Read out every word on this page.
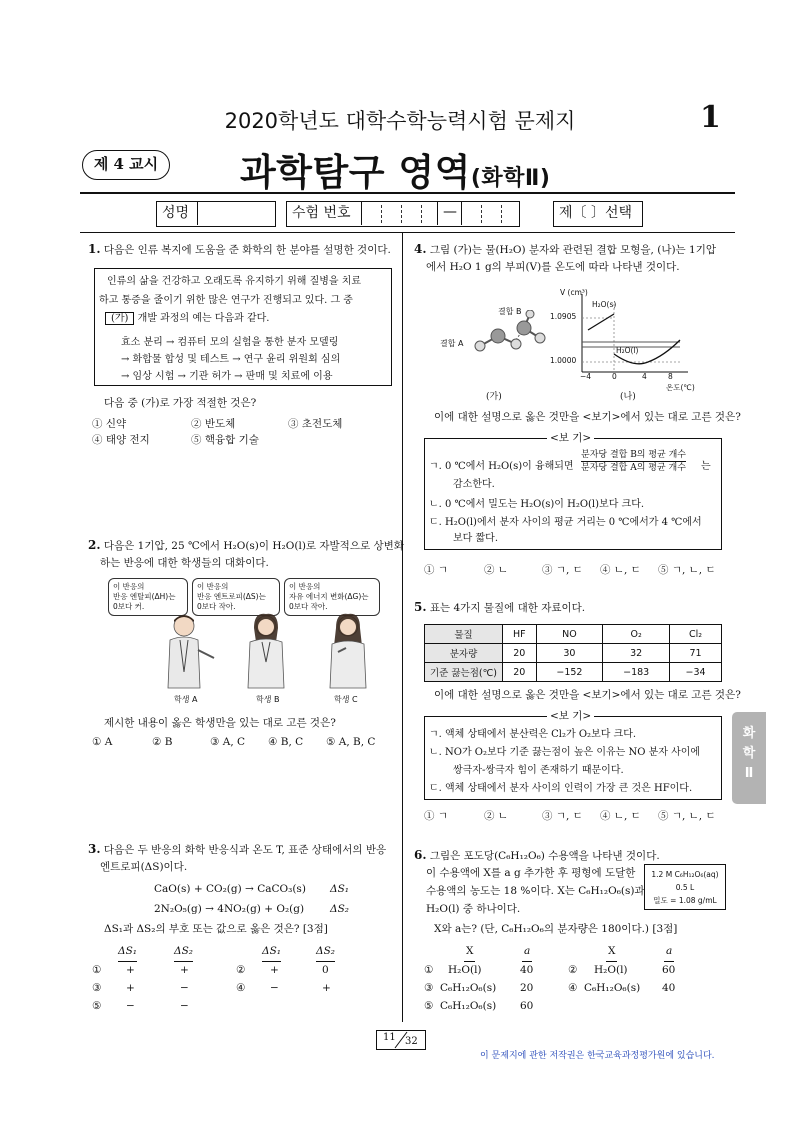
2020학년도 대학수학능력시험 문제지	1
제 4 교시	과학탐구 영역(화학Ⅱ)
성명	수험 번호	—	제〔 〕선택
1. 다음은 인류 복지에 도움을 준 화학의 한 분야를 설명한 것이다.
인류의 삶을 건강하고 오래도록 유지하기 위해 질병을 치료
하고 통증을 줄이기 위한 많은 연구가 진행되고 있다. 그 중
(가) 개발 과정의 예는 다음과 같다.
효소 분리 → 컴퓨터 모의 실험을 통한 분자 모델링
→ 화합물 합성 및 테스트 → 연구 윤리 위원회 심의
→ 임상 시험 → 기관 허가 → 판매 및 치료에 이용
다음 중 (가)로 가장 적절한 것은?
① 신약	② 반도체	③ 초전도체
④ 태양 전지	⑤ 핵융합 기술
2. 다음은 1기압, 25 ℃에서 H₂O(s)이 H₂O(l)로 자발적으로 상변화
하는 반응에 대한 학생들의 대화이다.
이 반응의
반응 엔탈피(ΔH)는
0보다 커.
이 반응의
반응 엔트로피(ΔS)는
0보다 작아.
이 반응의
자유 에너지 변화(ΔG)는
0보다 작아.
학생 A	학생 B	학생 C
제시한 내용이 옳은 학생만을 있는 대로 고른 것은?
① A	② B	③ A, C ④ B, C ⑤ A, B, C
3. 다음은 두 반응의 화학 반응식과 온도 T, 표준 상태에서의 반응
엔트로피(ΔS)이다.
CaO(s) + CO₂(g) → CaCO₃(s) ΔS₁
2N₂O₅(g) → 4NO₂(g) + O₂(g) ΔS₂
ΔS₁과 ΔS₂의 부호 또는 값으로 옳은 것은? [3점]
ΔS₁	ΔS₂	ΔS₁	ΔS₂
① +	+	② +	0
③ +	−	④ −	+
⑤ −	−
4. 그림 (가)는 물(H₂O) 분자와 관련된 결합 모형을, (나)는 1기압
에서 H₂O 1 g의 부피(V)를 온도에 따라 나타낸 것이다.
결합 B
결합 A
(가)
V (cm³)
1.0905
1.0000
−4	0	4	8
온도(℃)
H₂O(s)
H₂O(l)
(나)
이에 대한 설명으로 옳은 것만을 <보기>에서 있는 대로 고른 것은?
<보 기>
ㄱ. 0 ℃에서 H₂O(s)이 융해되면
분자당 결합 B의 평균 개수
분자당 결합 A의 평균 개수 는
감소한다.
ㄴ. 0 ℃에서 밀도는 H₂O(s)이 H₂O(l)보다 크다.
ㄷ. H₂O(l)에서 분자 사이의 평균 거리는 0 ℃에서가 4 ℃에서
보다 짧다.
① ㄱ	② ㄴ	③ ㄱ, ㄷ ④ ㄴ, ㄷ ⑤ ㄱ, ㄴ, ㄷ
5. 표는 4가지 물질에 대한 자료이다.
물질	HF	NO	O₂	Cl₂
분자량	20	30	32	71
기준 끓는점(℃)	20	−152	−183	−34
이에 대한 설명으로 옳은 것만을 <보기>에서 있는 대로 고른 것은?
<보 기>
ㄱ. 액체 상태에서 분산력은 Cl₂가 O₂보다 크다.
ㄴ. NO가 O₂보다 기준 끓는점이 높은 이유는 NO 분자 사이에
쌍극자-쌍극자 힘이 존재하기 때문이다.
ㄷ. 액체 상태에서 분자 사이의 인력이 가장 큰 것은 HF이다.
① ㄱ	② ㄴ	③ ㄱ, ㄷ ④ ㄴ, ㄷ ⑤ ㄱ, ㄴ, ㄷ
6. 그림은 포도당(C₆H₁₂O₆) 수용액을 나타낸 것이다.
이 수용액에 X를 a g 추가한 후 평형에 도달한
수용액의 농도는 18 %이다. X는 C₆H₁₂O₆(s)과
H₂O(l) 중 하나이다.
1.2 M C₆H₁₂O₆(aq)
0.5 L
밀도 = 1.08 g/mL
X와 a는? (단, C₆H₁₂O₆의 분자량은 180이다.) [3점]
X	a	X	a
① H₂O(l)	40	② H₂O(l)	60
③ C₆H₁₂O₆(s) 20	④ C₆H₁₂O₆(s) 40
⑤ C₆H₁₂O₆(s) 60
화
학
Ⅱ
11 32
이 문제지에 관한 저작권은 한국교육과정평가원에 있습니다.
